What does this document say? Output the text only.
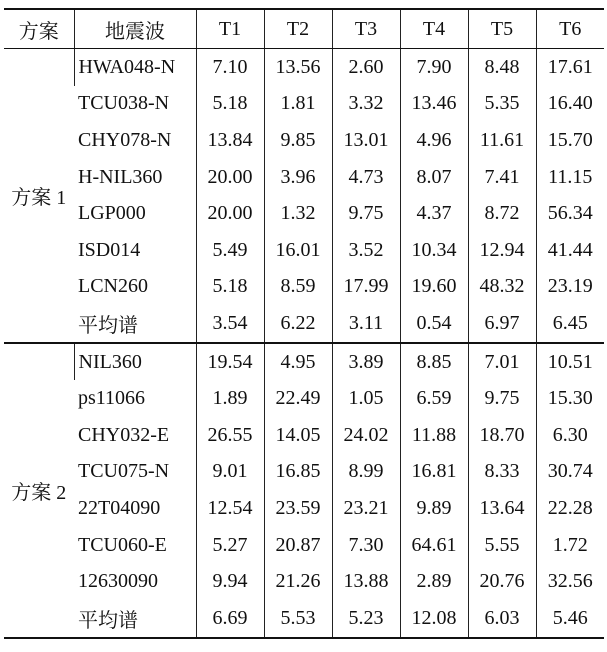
方案	地震波	T1	T2	T3	T4	T5	T6
方案 1	HWA048-N	7.10	13.56	2.60	7.90	8.48	17.61
	TCU038-N	5.18	1.81	3.32	13.46	5.35	16.40
	CHY078-N	13.84	9.85	13.01	4.96	11.61	15.70
	H-NIL360	20.00	3.96	4.73	8.07	7.41	11.15
	LGP000	20.00	1.32	9.75	4.37	8.72	56.34
	ISD014	5.49	16.01	3.52	10.34	12.94	41.44
	LCN260	5.18	8.59	17.99	19.60	48.32	23.19
	平均谱	3.54	6.22	3.11	0.54	6.97	6.45
方案 2	NIL360	19.54	4.95	3.89	8.85	7.01	10.51
	ps11066	1.89	22.49	1.05	6.59	9.75	15.30
	CHY032-E	26.55	14.05	24.02	11.88	18.70	6.30
	TCU075-N	9.01	16.85	8.99	16.81	8.33	30.74
	22T04090	12.54	23.59	23.21	9.89	13.64	22.28
	TCU060-E	5.27	20.87	7.30	64.61	5.55	1.72
	12630090	9.94	21.26	13.88	2.89	20.76	32.56
	平均谱	6.69	5.53	5.23	12.08	6.03	5.46
